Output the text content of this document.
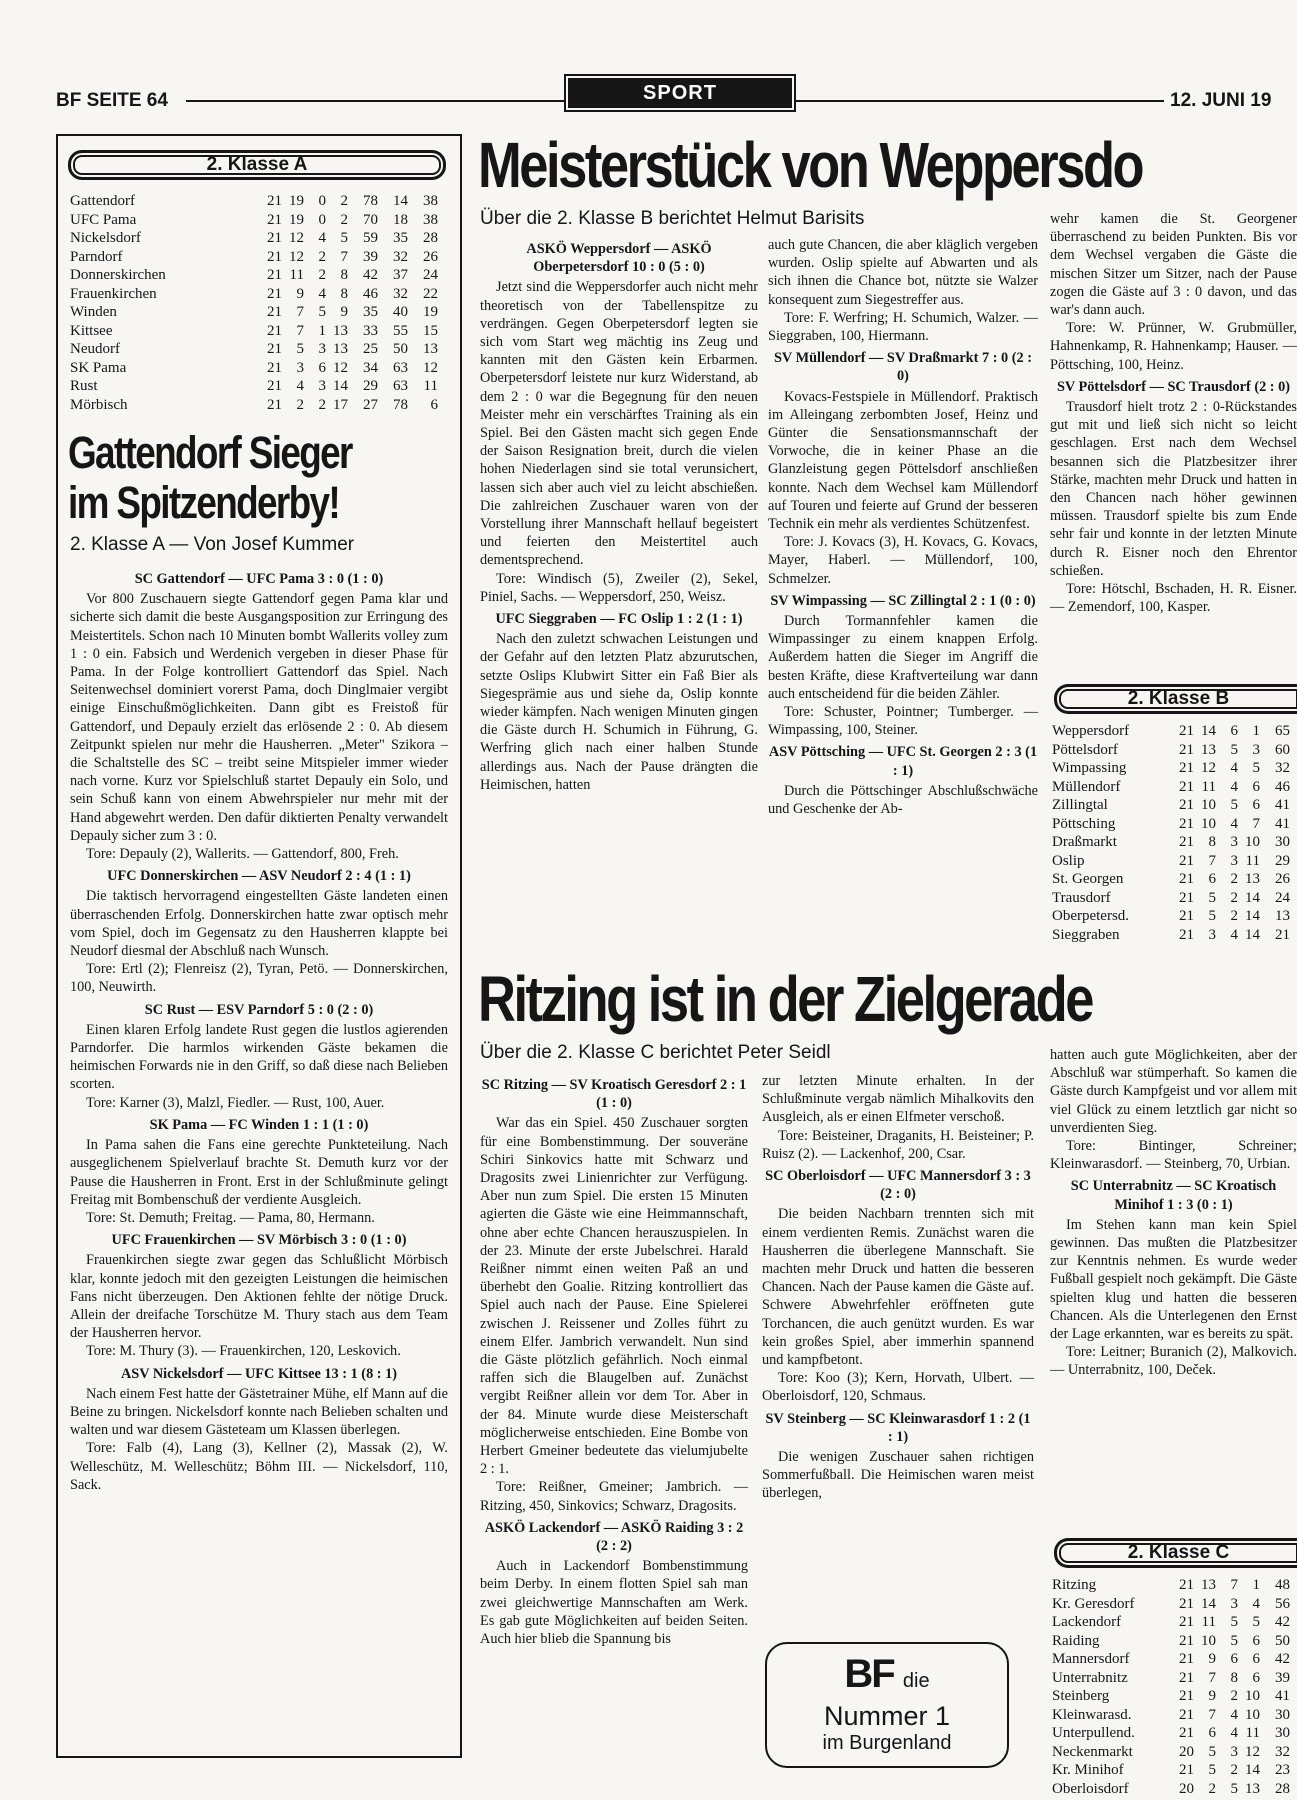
BF SEITE 64	SPORT	12. JUNI 19
2. Klasse A
Gattendorf	21 19 0 2	78	14	38
UFC Pama	21 19 0 2	70	18	38
Nickelsdorf	21 12 4 5	59	35	28
Parndorf	21 12 2 7	39	32	26
Donnerskirchen	21 11 2 8	42	37	24
Frauenkirchen	21 9 4 8	46	32	22
Winden	21 7 5 9	35	40	19
Kittsee	21 7 1 13	33	55	15
Neudorf	21 5 3 13	25	50	13
SK Pama	21 3 6 12	34	63	12
Rust	21 4 3 14	29	63	11
Mörbisch	21 2 2 17	27	78	6
Gattendorf Sieger
im Spitzenderby!
2. Klasse A — Von Josef Kummer
SC Gattendorf — UFC Pama 3 : 0 (1 : 0)

Vor 800 Zuschauern siegte Gattendorf gegen Pama klar und sicherte sich damit die beste Ausgangsposition zur Erringung des Meistertitels. Schon nach 10 Minuten bombt Wallerits volley zum 1 : 0 ein. Fabsich und Werdenich vergeben in dieser Phase für Pama. In der Folge kontrolliert Gattendorf das Spiel. Nach Seitenwechsel dominiert vorerst Pama, doch Dinglmaier vergibt einige Einschußmöglichkeiten. Dann gibt es Freistoß für Gattendorf, und Depauly erzielt das erlösende 2 : 0. Ab diesem Zeitpunkt spielen nur mehr die Hausherren. „Meter" Szikora – die Schaltstelle des SC – treibt seine Mitspieler immer wieder nach vorne. Kurz vor Spielschluß startet Depauly ein Solo, und sein Schuß kann von einem Abwehrspieler nur mehr mit der Hand abgewehrt werden. Den dafür diktierten Penalty verwandelt Depauly sicher zum 3 : 0.

Tore: Depauly (2), Wallerits. — Gattendorf, 800, Freh.

UFC Donnerskirchen — ASV Neudorf 2 : 4 (1 : 1)

Die taktisch hervorragend eingestellten Gäste landeten einen überraschenden Erfolg. Donnerskirchen hatte zwar optisch mehr vom Spiel, doch im Gegensatz zu den Hausherren klappte bei Neudorf diesmal der Abschluß nach Wunsch.

Tore: Ertl (2); Flenreisz (2), Tyran, Petö. — Donnerskirchen, 100, Neuwirth.

SC Rust — ESV Parndorf 5 : 0 (2 : 0)

Einen klaren Erfolg landete Rust gegen die lustlos agierenden Parndorfer. Die harmlos wirkenden Gäste bekamen die heimischen Forwards nie in den Griff, so daß diese nach Belieben scorten.

Tore: Karner (3), Malzl, Fiedler. — Rust, 100, Auer.

SK Pama — FC Winden 1 : 1 (1 : 0)

In Pama sahen die Fans eine gerechte Punkteteilung. Nach ausgeglichenem Spielverlauf brachte St. Demuth kurz vor der Pause die Hausherren in Front. Erst in der Schlußminute gelingt Freitag mit Bombenschuß der verdiente Ausgleich.

Tore: St. Demuth; Freitag. — Pama, 80, Hermann.

UFC Frauenkirchen — SV Mörbisch 3 : 0 (1 : 0)

Frauenkirchen siegte zwar gegen das Schlußlicht Mörbisch klar, konnte jedoch mit den gezeigten Leistungen die heimischen Fans nicht überzeugen. Den Aktionen fehlte der nötige Druck. Allein der dreifache Torschütze M. Thury stach aus dem Team der Hausherren hervor.

Tore: M. Thury (3). — Frauenkirchen, 120, Leskovich.

ASV Nickelsdorf — UFC Kittsee 13 : 1 (8 : 1)

Nach einem Fest hatte der Gästetrainer Mühe, elf Mann auf die Beine zu bringen. Nickelsdorf konnte nach Belieben schalten und walten und war diesem Gästeteam um Klassen überlegen.

Tore: Falb (4), Lang (3), Kellner (2), Massak (2), W. Welleschütz, M. Welleschütz; Böhm III. — Nickelsdorf, 110, Sack.

Meisterstück von Weppersdo
Über die 2. Klasse B berichtet Helmut Barisits
ASKÖ Weppersdorf — ASKÖ Oberpetersdorf 10 : 0 (5 : 0)

Jetzt sind die Weppersdorfer auch nicht mehr theoretisch von der Tabellenspitze zu verdrängen. Gegen Oberpetersdorf legten sie sich vom Start weg mächtig ins Zeug und kannten mit den Gästen kein Erbarmen. Oberpetersdorf leistete nur kurz Widerstand, ab dem 2 : 0 war die Begegnung für den neuen Meister mehr ein verschärftes Training als ein Spiel. Bei den Gästen macht sich gegen Ende der Saison Resignation breit, durch die vielen hohen Niederlagen sind sie total verunsichert, lassen sich aber auch viel zu leicht abschießen. Die zahlreichen Zuschauer waren von der Vorstellung ihrer Mannschaft hellauf begeistert und feierten den Meistertitel auch dementsprechend.

Tore: Windisch (5), Zweiler (2), Sekel, Piniel, Sachs. — Weppersdorf, 250, Weisz.

UFC Sieggraben — FC Oslip 1 : 2 (1 : 1)

Nach den zuletzt schwachen Leistungen und der Gefahr auf den letzten Platz abzurutschen, setzte Oslips Klubwirt Sitter ein Faß Bier als Siegesprämie aus und siehe da, Oslip konnte wieder kämpfen. Nach wenigen Minuten gingen die Gäste durch H. Schumich in Führung, G. Werfring glich nach einer halben Stunde allerdings aus. Nach der Pause drängten die Heimischen, hatten

auch gute Chancen, die aber kläglich vergeben wurden. Oslip spielte auf Abwarten und als sich ihnen die Chance bot, nützte sie Walzer konsequent zum Siegestreffer aus.

Tore: F. Werfring; H. Schumich, Walzer. — Sieggraben, 100, Hiermann.

SV Müllendorf — SV Draßmarkt 7 : 0 (2 : 0)

Kovacs-Festspiele in Müllendorf. Praktisch im Alleingang zerbombten Josef, Heinz und Günter die Sensationsmannschaft der Vorwoche, die in keiner Phase an die Glanzleistung gegen Pöttelsdorf anschließen konnte. Nach dem Wechsel kam Müllendorf auf Touren und feierte auf Grund der besseren Technik ein mehr als verdientes Schützenfest.

Tore: J. Kovacs (3), H. Kovacs, G. Kovacs, Mayer, Haberl. — Müllendorf, 100, Schmelzer.

SV Wimpassing — SC Zillingtal 2 : 1 (0 : 0)

Durch Tormannfehler kamen die Wimpassinger zu einem knappen Erfolg. Außerdem hatten die Sieger im Angriff die besten Kräfte, diese Kraftverteilung war dann auch entscheidend für die beiden Zähler.

Tore: Schuster, Pointner; Tumberger. — Wimpassing, 100, Steiner.

ASV Pöttsching — UFC St. Georgen 2 : 3 (1 : 1)

Durch die Pöttschinger Abschlußschwäche und Geschenke der Ab-

wehr kamen die St. Georgener überraschend zu beiden Punkten. Bis vor dem Wechsel vergaben die Gäste die mischen Sitzer um Sitzer, nach der Pause zogen die Gäste auf 3 : 0 davon, und das war's dann auch.

Tore: W. Prünner, W. Grubmüller, Hahnenkamp, R. Hahnenkamp; Hauser. — Pöttsching, 100, Heinz.

SV Pöttelsdorf — SC Trausdorf (2 : 0)

Trausdorf hielt trotz 2 : 0-Rückstandes gut mit und ließ sich nicht so leicht geschlagen. Erst nach dem Wechsel besannen sich die Platzbesitzer ihrer Stärke, machten mehr Druck und hatten in den Chancen nach höher gewinnen müssen. Trausdorf spielte bis zum Ende sehr fair und konnte in der letzten Minute durch R. Eisner noch den Ehrentor schießen.

Tore: Hötschl, Bschaden, H. R. Eisner. — Zemendorf, 100, Kasper.

2. Klasse B
Weppersdorf	21 14 6 1	65
Pöttelsdorf	21 13 5 3	60
Wimpassing	21 12 4 5	32
Müllendorf	21 11 4 6	46
Zillingtal	21 10 5 6	41
Pöttsching	21 10 4 7	41
Draßmarkt	21 8 3 10	30
Oslip	21 7 3 11	29
St. Georgen	21 6 2 13	26
Trausdorf	21 5 2 14	24
Oberpetersd.	21 5 2 14	13
Sieggraben	21 3 4 14	21
Ritzing ist in der Zielgerade
Über die 2. Klasse C berichtet Peter Seidl
SC Ritzing — SV Kroatisch Geresdorf 2 : 1 (1 : 0)

War das ein Spiel. 450 Zuschauer sorgten für eine Bombenstimmung. Der souveräne Schiri Sinkovics hatte mit Schwarz und Dragosits zwei Linienrichter zur Verfügung. Aber nun zum Spiel. Die ersten 15 Minuten agierten die Gäste wie eine Heimmannschaft, ohne aber echte Chancen herauszuspielen. In der 23. Minute der erste Jubelschrei. Harald Reißner nimmt einen weiten Paß an und überhebt den Goalie. Ritzing kontrolliert das Spiel auch nach der Pause. Eine Spielerei zwischen J. Reissener und Zolles führt zu einem Elfer. Jambrich verwandelt. Nun sind die Gäste plötzlich gefährlich. Noch einmal raffen sich die Blaugelben auf. Zunächst vergibt Reißner allein vor dem Tor. Aber in der 84. Minute wurde diese Meisterschaft möglicherweise entschieden. Eine Bombe von Herbert Gmeiner bedeutete das vielumjubelte 2 : 1.

Tore: Reißner, Gmeiner; Jambrich. — Ritzing, 450, Sinkovics; Schwarz, Dragosits.

ASKÖ Lackendorf — ASKÖ Raiding 3 : 2 (2 : 2)

Auch in Lackendorf Bombenstimmung beim Derby. In einem flotten Spiel sah man zwei gleichwertige Mannschaften am Werk. Es gab gute Möglichkeiten auf beiden Seiten. Auch hier blieb die Spannung bis

zur letzten Minute erhalten. In der Schlußminute vergab nämlich Mihalkovits den Ausgleich, als er einen Elfmeter verschoß.

Tore: Beisteiner, Draganits, H. Beisteiner; P. Ruisz (2). — Lackenhof, 200, Csar.

SC Oberloisdorf — UFC Mannersdorf 3 : 3 (2 : 0)

Die beiden Nachbarn trennten sich mit einem verdienten Remis. Zunächst waren die Hausherren die überlegene Mannschaft. Sie machten mehr Druck und hatten die besseren Chancen. Nach der Pause kamen die Gäste auf. Schwere Abwehrfehler eröffneten gute Torchancen, die auch genützt wurden. Es war kein großes Spiel, aber immerhin spannend und kampfbetont.

Tore: Koo (3); Kern, Horvath, Ulbert. — Oberloisdorf, 120, Schmaus.

SV Steinberg — SC Kleinwarasdorf 1 : 2 (1 : 1)

Die wenigen Zuschauer sahen richtigen Sommerfußball. Die Heimischen waren meist überlegen,

hatten auch gute Möglichkeiten, aber der Abschluß war stümperhaft. So kamen die Gäste durch Kampfgeist und vor allem mit viel Glück zu einem letztlich gar nicht so unverdienten Sieg.

Tore: Bintinger, Schreiner; Kleinwarasdorf. — Steinberg, 70, Urbian.

SC Unterrabnitz — SC Kroatisch Minihof 1 : 3 (0 : 1)

Im Stehen kann man kein Spiel gewinnen. Das mußten die Platzbesitzer zur Kenntnis nehmen. Es wurde weder Fußball gespielt noch gekämpft. Die Gäste spielten klug und hatten die besseren Chancen. Als die Unterlegenen den Ernst der Lage erkannten, war es bereits zu spät.

Tore: Leitner; Buranich (2), Malkovich. — Unterrabnitz, 100, Deček.

2. Klasse C
Ritzing	21 13 7 1	48
Kr. Geresdorf	21 14 3 4	56
Lackendorf	21 11 5 5	42
Raiding	21 10 5 6	50
Mannersdorf	21 9 6 6	42
Unterrabnitz	21 7 8 6	39
Steinberg	21 9 2 10	41
Kleinwarasd.	21 7 4 10	30
Unterpullend.	21 6 4 11	30
Neckenmarkt	20 5 3 12	32
Kr. Minihof	21 5 2 14	23
Oberloisdorf	20 2 5 13	28
BF die
Nummer 1
im Burgenland
